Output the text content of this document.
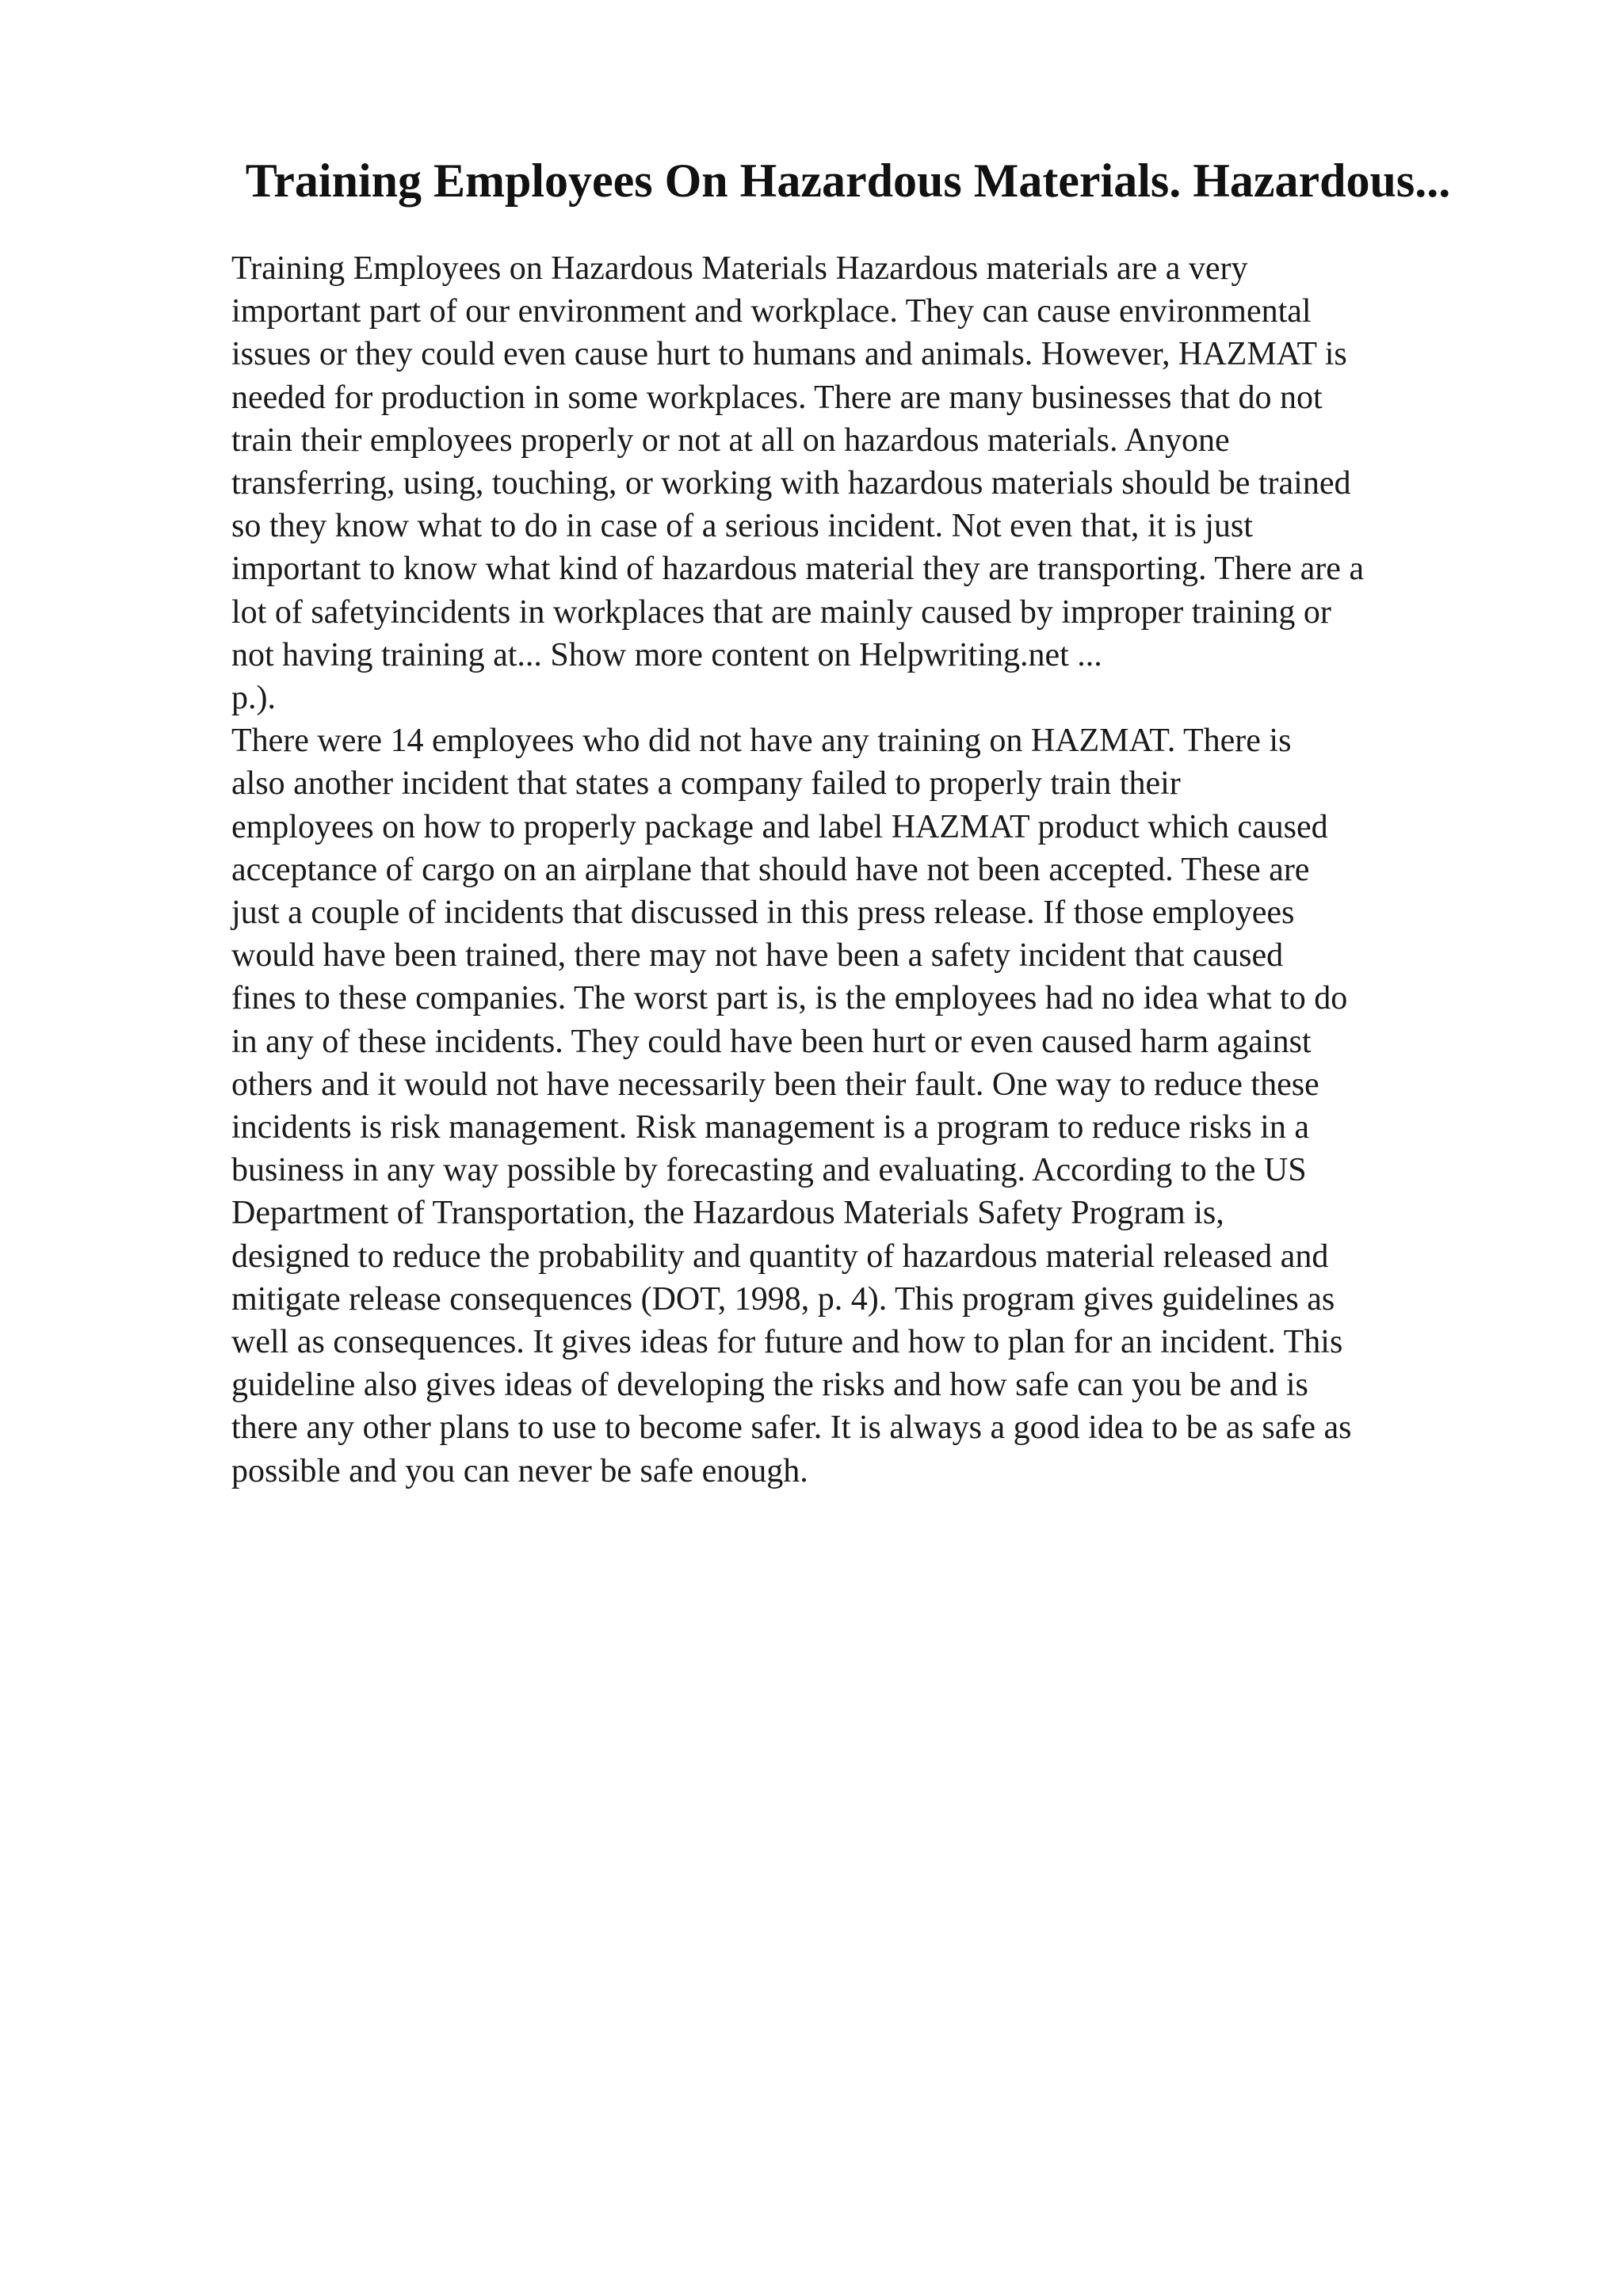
Training Employees On Hazardous Materials. Hazardous...
Training Employees on Hazardous Materials Hazardous materials are a very
important part of our environment and workplace. They can cause environmental
issues or they could even cause hurt to humans and animals. However, HAZMAT is
needed for production in some workplaces. There are many businesses that do not
train their employees properly or not at all on hazardous materials. Anyone
transferring, using, touching, or working with hazardous materials should be trained
so they know what to do in case of a serious incident. Not even that, it is just
important to know what kind of hazardous material they are transporting. There are a
lot of safetyincidents in workplaces that are mainly caused by improper training or
not having training at... Show more content on Helpwriting.net ...
p.).
There were 14 employees who did not have any training on HAZMAT. There is
also another incident that states a company failed to properly train their
employees on how to properly package and label HAZMAT product which caused
acceptance of cargo on an airplane that should have not been accepted. These are
just a couple of incidents that discussed in this press release. If those employees
would have been trained, there may not have been a safety incident that caused
fines to these companies. The worst part is, is the employees had no idea what to do
in any of these incidents. They could have been hurt or even caused harm against
others and it would not have necessarily been their fault. One way to reduce these
incidents is risk management. Risk management is a program to reduce risks in a
business in any way possible by forecasting and evaluating. According to the US
Department of Transportation, the Hazardous Materials Safety Program is,
designed to reduce the probability and quantity of hazardous material released and
mitigate release consequences (DOT, 1998, p. 4). This program gives guidelines as
well as consequences. It gives ideas for future and how to plan for an incident. This
guideline also gives ideas of developing the risks and how safe can you be and is
there any other plans to use to become safer. It is always a good idea to be as safe as
possible and you can never be safe enough.
